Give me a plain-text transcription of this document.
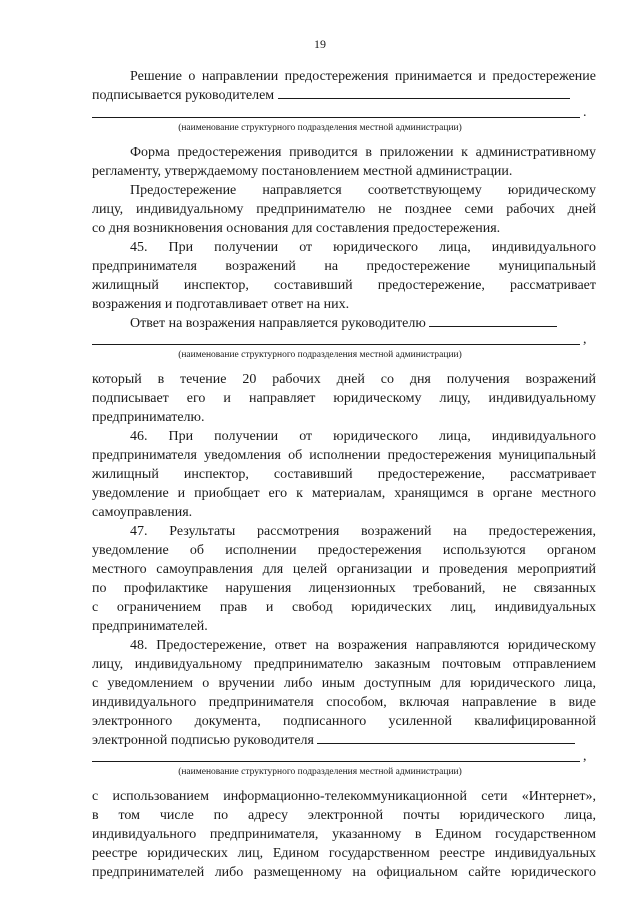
19
Решение о направлении предостережения принимается и предостережение
подписывается руководителем
.
(наименование структурного подразделения местной администрации)
Форма предостережения приводится в приложении к административному
регламенту, утверждаемому постановлением местной администрации.
Предостережение направляется соответствующему юридическому
лицу, индивидуальному предпринимателю не позднее семи рабочих дней
со дня возникновения основания для составления предостережения.
45. При получении от юридического лица, индивидуального
предпринимателя возражений на предостережение муниципальный
жилищный инспектор, составивший предостережение, рассматривает
возражения и подготавливает ответ на них.
Ответ на возражения направляется руководителю
,
(наименование структурного подразделения местной администрации)
который в течение 20 рабочих дней со дня получения возражений
подписывает его и направляет юридическому лицу, индивидуальному
предпринимателю.
46. При получении от юридического лица, индивидуального
предпринимателя уведомления об исполнении предостережения муниципальный
жилищный инспектор, составивший предостережение, рассматривает
уведомление и приобщает его к материалам, хранящимся в органе местного
самоуправления.
47. Результаты рассмотрения возражений на предостережения,
уведомление об исполнении предостережения используются органом
местного самоуправления для целей организации и проведения мероприятий
по профилактике нарушения лицензионных требований, не связанных
с ограничением прав и свобод юридических лиц, индивидуальных
предпринимателей.
48. Предостережение, ответ на возражения направляются юридическому
лицу, индивидуальному предпринимателю заказным почтовым отправлением
с уведомлением о вручении либо иным доступным для юридического лица,
индивидуального предпринимателя способом, включая направление в виде
электронного документа, подписанного усиленной квалифицированной
электронной подписью руководителя
,
(наименование структурного подразделения местной администрации)
с использованием информационно-телекоммуникационной сети «Интернет»,
в том числе по адресу электронной почты юридического лица,
индивидуального предпринимателя, указанному в Едином государственном
реестре юридических лиц, Едином государственном реестре индивидуальных
предпринимателей либо размещенному на официальном сайте юридического
